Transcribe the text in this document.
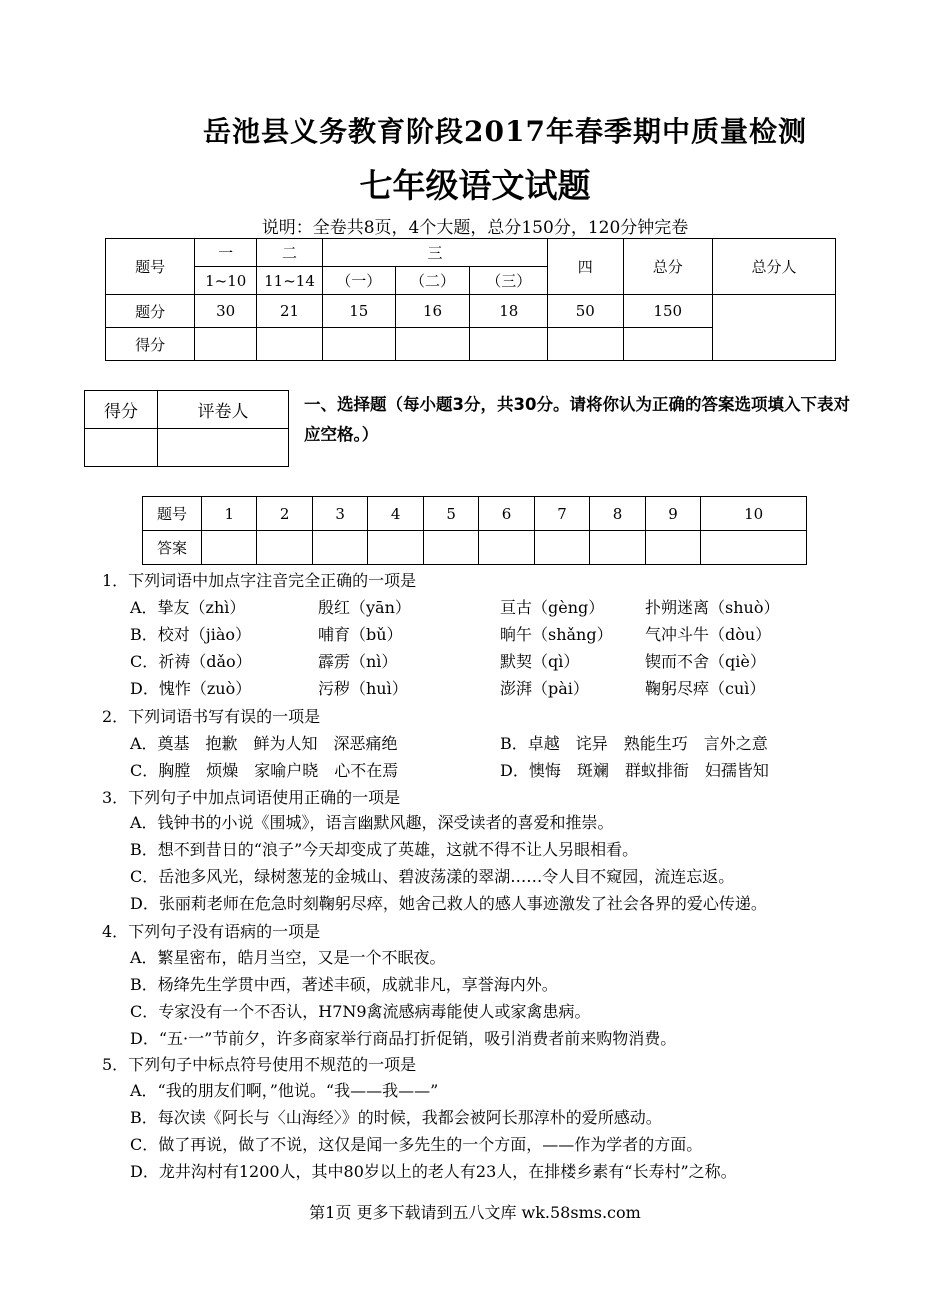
岳池县义务教育阶段2017年春季期中质量检测
七年级语文试题
说明：全卷共8页，4个大题，总分150分，120分钟完卷
题号	一	二	三			四	总分	总分人
	1~10	11~14	（一）	（二）	（三）			
题分	30	21	15	16	18	50	150	
得分								
得分	评卷人
		一、选择题（每小题3分，共30分。请将你认为正确的答案选项填入下表对应空格。）
题号	1	2	3	4	5	6	7	8	9	10
答案										
1．下列词语中加点字注音完全正确的一项是
A．挚友（zhì）	殷红（yān）	亘古（gèng）	扑朔迷离（shuò）
B．校对（jiào）	哺育（bǔ）	晌午（shǎng） 气冲斗牛（dòu）
C．祈祷（dǎo）	霹雳（nì）	默契（qì）	锲而不舍（qiè）
D．愧怍（zuò）	污秽（huì）	澎湃（pài）	鞠躬尽瘁（cuì）
2．下列词语书写有误的一项是
A．奠基　抱歉　鲜为人知　深恶痛绝	B．卓越　诧异　熟能生巧　言外之意
C．胸膛　烦燥　家喻户晓　心不在焉	D．懊悔　斑斓　群蚁排衙　妇孺皆知
3．下列句子中加点词语使用正确的一项是
A．钱钟书的小说《围城》，语言幽默风趣，深受读者的喜爱和推崇。
B．想不到昔日的“浪子”今天却变成了英雄，这就不得不让人另眼相看。
C．岳池多风光，绿树葱茏的金城山、碧波荡漾的翠湖……令人目不窥园，流连忘返。
D．张丽莉老师在危急时刻鞠躬尽瘁，她舍己救人的感人事迹激发了社会各界的爱心传递。
4．下列句子没有语病的一项是
A．繁星密布，皓月当空，又是一个不眠夜。
B．杨绛先生学贯中西，著述丰硕，成就非凡，享誉海内外。
C．专家没有一个不否认，H7N9禽流感病毒能使人或家禽患病。
D．“五·一”节前夕，许多商家举行商品打折促销，吸引消费者前来购物消费。
5．下列句子中标点符号使用不规范的一项是
A．“我的朋友们啊，”他说。“我——我——”
B．每次读《阿长与〈山海经〉》的时候，我都会被阿长那淳朴的爱所感动。
C．做了再说，做了不说，这仅是闻一多先生的一个方面，——作为学者的方面。
D．龙井沟村有1200人，其中80岁以上的老人有23人，在排楼乡素有“长寿村”之称。
第1页 更多下载请到五八文库 wk.58sms.com
